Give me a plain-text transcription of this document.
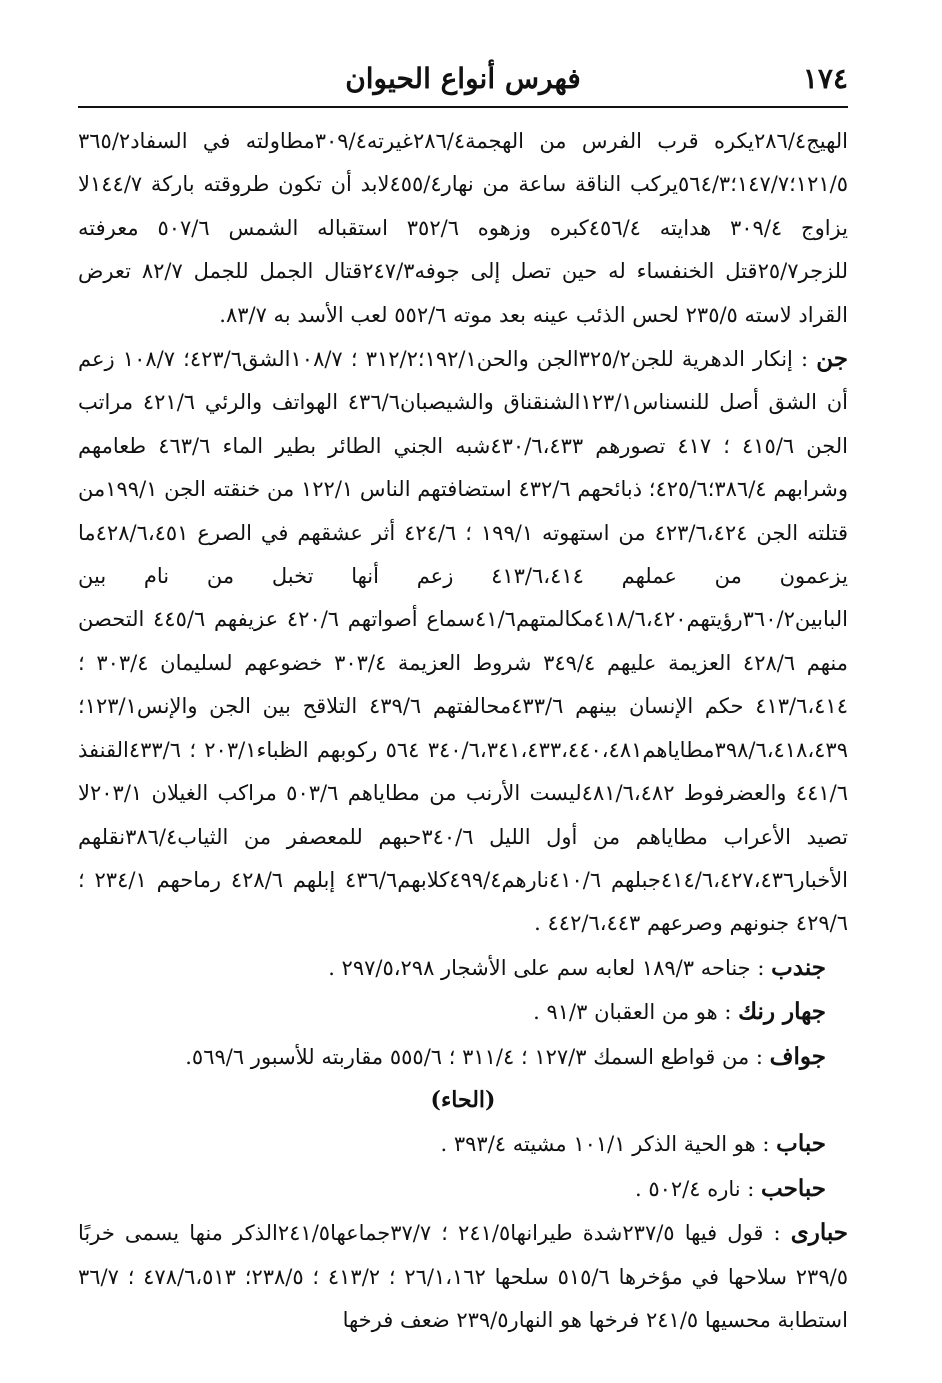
١٧٤
فهرس أنواع الحيوان

الهيج٢٨٦/٤يكره قرب الفرس من الهجمة٢٨٦/٤غيرته٣٠٩/٤مطاولته في السفاد٣٦٥/٢ ١٢١/٥؛١٤٧/٧؛٥٦٤/٣يركب الناقة ساعة من نهار٤٥٥/٤لابد أن تكون طروقته باركة ١٤٤/٧لا يزاوج ٣٠٩/٤ هدايته ٤٥٦/٤كبره وزهوه ٣٥٢/٦ استقباله الشمس ٥٠٧/٦ معرفته للزجر٢٥/٧قتل الخنفساء له حين تصل إلى جوفه٢٤٧/٣قتال الجمل للجمل ٨٢/٧ تعرض القراد لاسته ٢٣٥/٥ لحس الذئب عينه بعد موته ٥٥٢/٦ لعب الأسد به ٨٣/٧.

جن : إنكار الدهرية للجن٣٢٥/٢الجن والحن١٩٢/١؛٣١٢/٢ ؛ ١٠٨/٧الشق٤٢٣/٦؛ ١٠٨/٧ زعم أن الشق أصل للنسناس١٢٣/١الشنقناق والشيصبان٤٣٦/٦ الهواتف والرئي ٤٢١/٦ مراتب الجن ٤١٥/٦ ؛ ٤١٧ تصورهم ٤٣٠/٦،٤٣٣شبه الجني الطائر بطير الماء ٤٦٣/٦ طعامهم وشرابهم ٣٨٦/٤؛٤٢٥/٦؛ ذبائحهم ٤٣٢/٦ استضافتهم الناس ١٢٢/١ من خنقته الجن ١٩٩/١من قتلته الجن ٤٢٣/٦،٤٢٤ من استهوته ١٩٩/١ ؛ ٤٢٤/٦ أثر عشقهم في الصرع ٤٢٨/٦،٤٥١ما يزعمون من عملهم ٤١٣/٦،٤١٤ زعم أنها تخبل من نام بين البابين٣٦٠/٢رؤيتهم٤١٨/٦،٤٢٠مكالمتهم٤١/٦سماع أصواتهم ٤٢٠/٦ عزيفهم ٤٤٥/٦ التحصن منهم ٤٢٨/٦ العزيمة عليهم ٣٤٩/٤ شروط العزيمة ٣٠٣/٤ خضوعهم لسليمان ٣٠٣/٤ ؛ ٤١٣/٦،٤١٤ حكم الإنسان بينهم ٤٣٣/٦محالفتهم ٤٣٩/٦ التلاقح بين الجن والإنس١٢٣/١؛٣٩٨/٦،٤١٨،٤٣٩مطاياهم٣٤٠/٦،٣٤١،٤٣٣،٤٤٠،٤٨١ ٥٦٤ ركوبهم الظباء٢٠٣/١ ؛ ٤٣٣/٦القنفذ ٤٤١/٦ والعضرفوط ٤٨١/٦،٤٨٢ليست الأرنب من مطاياهم ٥٠٣/٦ مراكب الغيلان ٢٠٣/١لا تصيد الأعراب مطاياهم من أول الليل ٣٤٠/٦حبهم للمعصفر من الثياب٣٨٦/٤نقلهم الأخبار٤١٤/٦،٤٢٧،٤٣٦جبلهم ٤١٠/٦نارهم٤٩٩/٤كلابهم٤٣٦/٦ إبلهم ٤٢٨/٦ رماحهم ٢٣٤/١ ؛ ٤٢٩/٦ جنونهم وصرعهم ٤٤٢/٦،٤٤٣ .

جندب : جناحه ١٨٩/٣ لعابه سم على الأشجار ٢٩٧/٥،٢٩٨ .

جهار رنك : هو من العقبان ٩١/٣ .

جواف : من قواطع السمك ١٢٧/٣ ؛ ٣١١/٤ ؛ ٥٥٥/٦ مقاربته للأسبور ٥٦٩/٦.

(الحاء)

حباب : هو الحية الذكر ١٠١/١ مشيته ٣٩٣/٤ .

حباحب : ناره ٥٠٢/٤ .

حبارى : قول فيها ٢٣٧/٥شدة طيرانها٢٤١/٥ ؛ ٣٧/٧جماعها٢٤١/٥الذكر منها يسمى خربًا ٢٣٩/٥ سلاحها في مؤخرها ٥١٥/٦ سلحها ٢٦/١،١٦٢ ؛ ٤١٣/٢ ؛ ٢٣٨/٥؛ ٤٧٨/٦،٥١٣ ؛ ٣٦/٧ استطابة محسيها ٢٤١/٥ فرخها هو النهار٢٣٩/٥ ضعف فرخها
